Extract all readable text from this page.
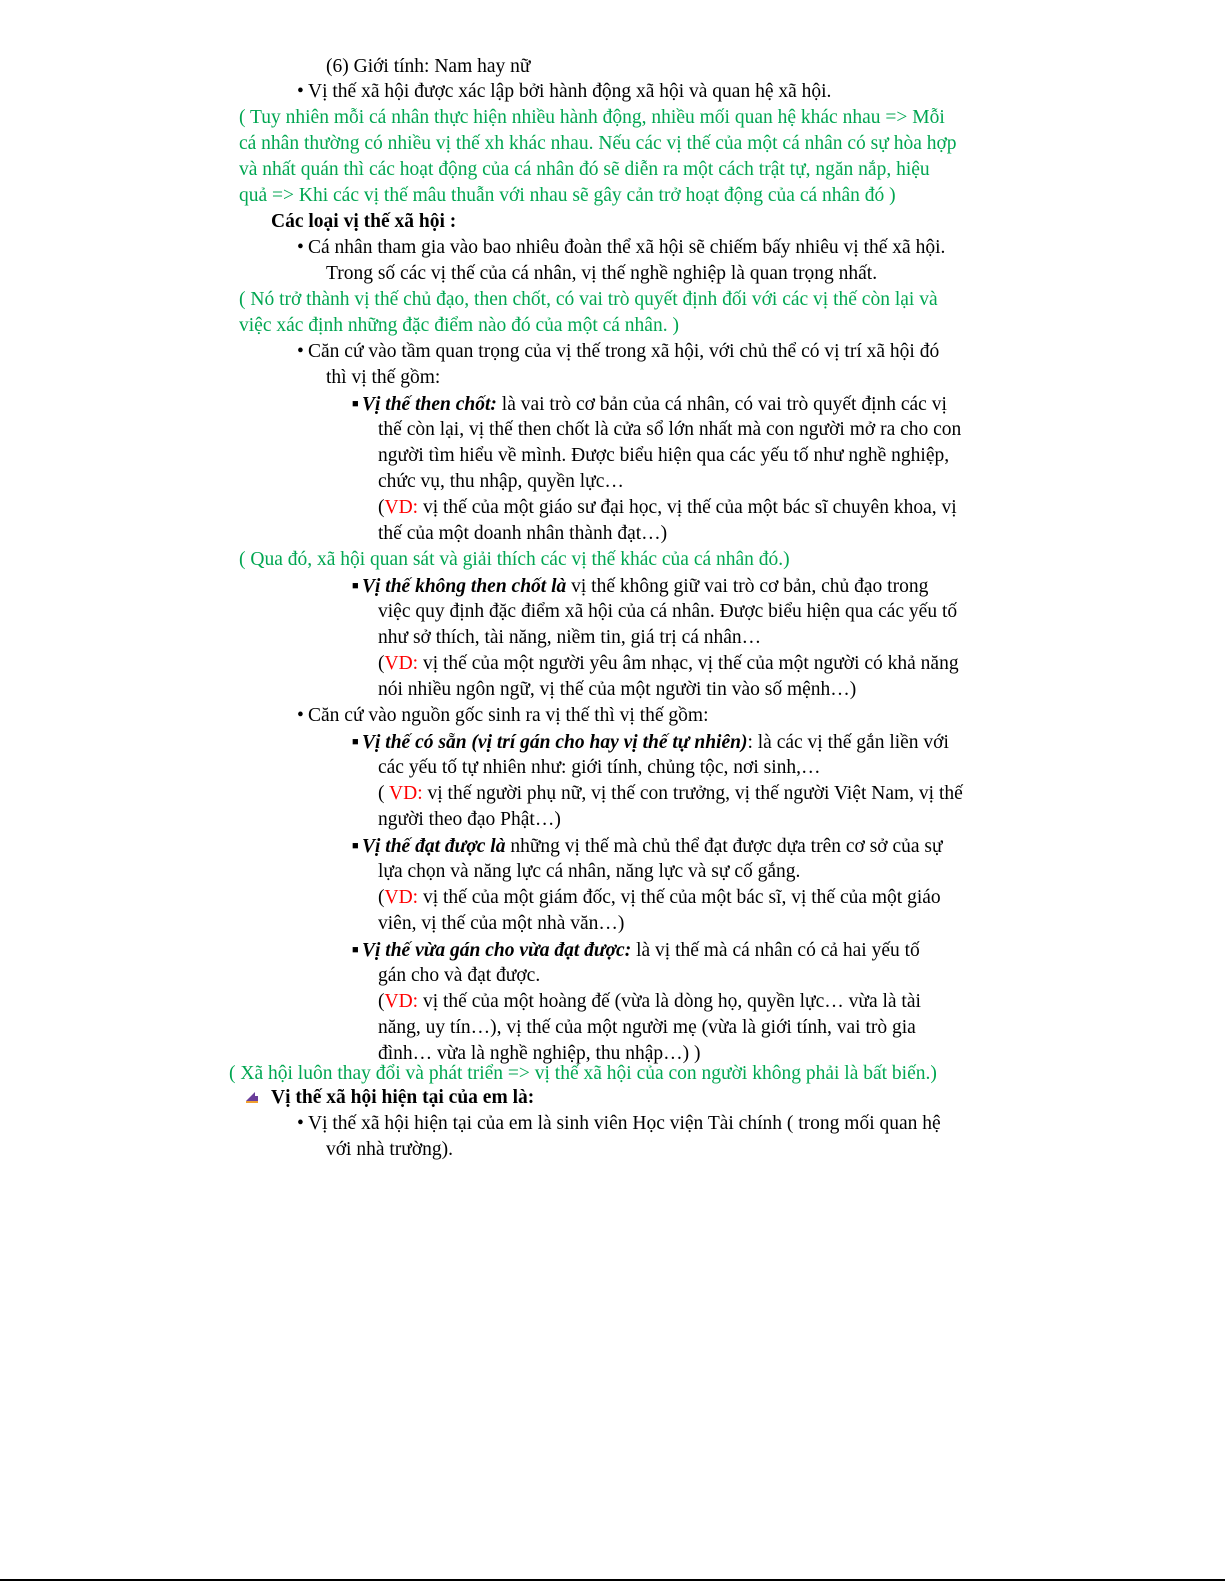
(6) Giới tính: Nam hay nữ
• Vị thế xã hội được xác lập bởi hành động xã hội và quan hệ xã hội.
( Tuy nhiên mỗi cá nhân thực hiện nhiều hành động, nhiều mối quan hệ khác nhau => Mỗi
cá nhân thường có nhiều vị thế xh khác nhau. Nếu các vị thế của một cá nhân có sự hòa hợp
và nhất quán thì các hoạt động của cá nhân đó sẽ diễn ra một cách trật tự, ngăn nắp, hiệu
quả => Khi các vị thế mâu thuẫn với nhau sẽ gây cản trở hoạt động của cá nhân đó )
Các loại vị thế xã hội :
• Cá nhân tham gia vào bao nhiêu đoàn thể xã hội sẽ chiếm bấy nhiêu vị thế xã hội.
Trong số các vị thế của cá nhân, vị thế nghề nghiệp là quan trọng nhất.
( Nó trở thành vị thế chủ đạo, then chốt, có vai trò quyết định đối với các vị thế còn lại và
việc xác định những đặc điểm nào đó của một cá nhân. )
• Căn cứ vào tầm quan trọng của vị thế trong xã hội, với chủ thể có vị trí xã hội đó
thì vị thế gồm:
■ Vị thế then chốt: là vai trò cơ bản của cá nhân, có vai trò quyết định các vị
thế còn lại, vị thế then chốt là cửa sổ lớn nhất mà con người mở ra cho con
người tìm hiểu về mình. Được biểu hiện qua các yếu tố như nghề nghiệp,
chức vụ, thu nhập, quyền lực…
(VD: vị thế của một giáo sư đại học, vị thế của một bác sĩ chuyên khoa, vị
thế của một doanh nhân thành đạt…)
( Qua đó, xã hội quan sát và giải thích các vị thế khác của cá nhân đó.)
■ Vị thế không then chốt là vị thế không giữ vai trò cơ bản, chủ đạo trong
việc quy định đặc điểm xã hội của cá nhân. Được biểu hiện qua các yếu tố
như sở thích, tài năng, niềm tin, giá trị cá nhân…
(VD: vị thế của một người yêu âm nhạc, vị thế của một người có khả năng
nói nhiều ngôn ngữ, vị thế của một người tin vào số mệnh…)
• Căn cứ vào nguồn gốc sinh ra vị thế thì vị thế gồm:
■ Vị thế có sẵn (vị trí gán cho hay vị thế tự nhiên): là các vị thế gắn liền với
các yếu tố tự nhiên như: giới tính, chủng tộc, nơi sinh,…
( VD: vị thế người phụ nữ, vị thế con trưởng, vị thế người Việt Nam, vị thế
người theo đạo Phật…)
■ Vị thế đạt được là những vị thế mà chủ thể đạt được dựa trên cơ sở của sự
lựa chọn và năng lực cá nhân, năng lực và sự cố gắng.
(VD: vị thế của một giám đốc, vị thế của một bác sĩ, vị thế của một giáo
viên, vị thế của một nhà văn…)
■ Vị thế vừa gán cho vừa đạt được: là vị thế mà cá nhân có cả hai yếu tố
gán cho và đạt được.
(VD: vị thế của một hoàng đế (vừa là dòng họ, quyền lực… vừa là tài
năng, uy tín…), vị thế của một người mẹ (vừa là giới tính, vai trò gia
đình… vừa là nghề nghiệp, thu nhập…) )
( Xã hội luôn thay đổi và phát triển => vị thế xã hội của con người không phải là bất biến.)
Vị thế xã hội hiện tại của em là:
• Vị thế xã hội hiện tại của em là sinh viên Học viện Tài chính ( trong mối quan hệ
với nhà trường).
